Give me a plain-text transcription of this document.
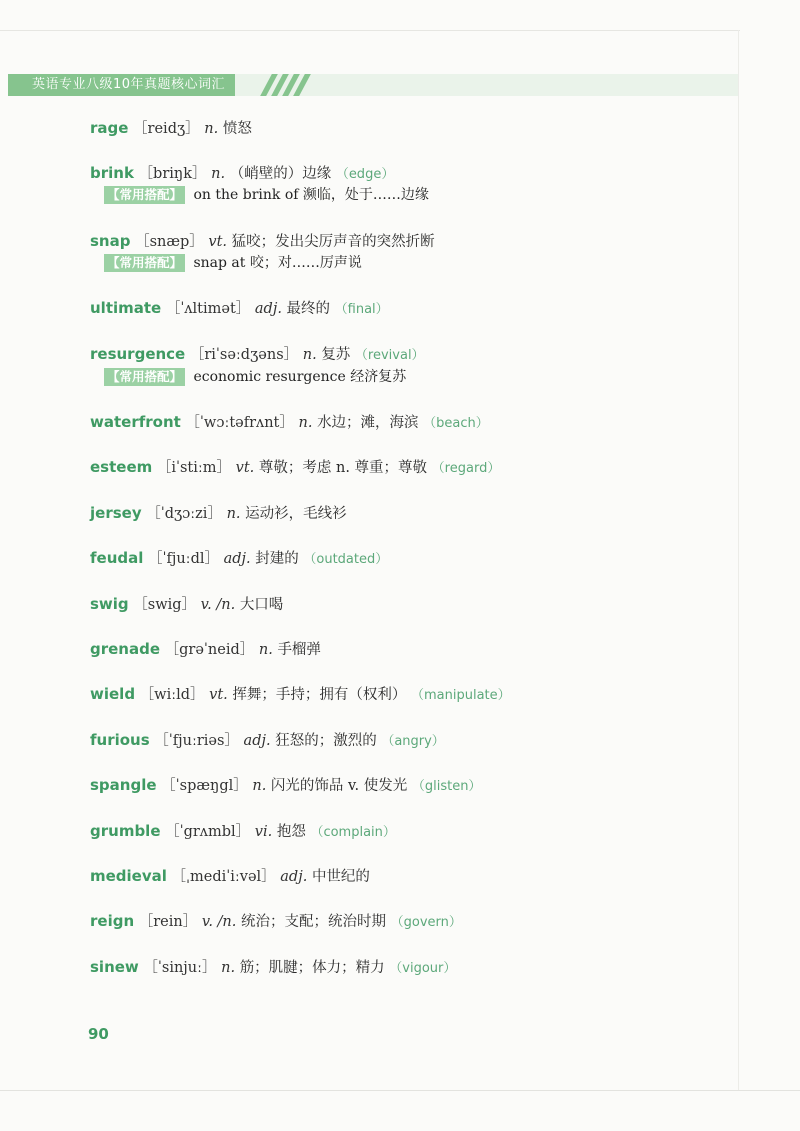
英语专业八级10年真题核心词汇
rage ［reidʒ］ n. 愤怒
brink ［briŋk］ n. （峭壁的）边缘 （edge）
【常用搭配】 on the brink of 濒临，处于……边缘
snap ［snæp］ vt. 猛咬；发出尖厉声音的突然折断
【常用搭配】 snap at 咬；对……厉声说
ultimate ［ˈʌltimət］ adj. 最终的 （final）
resurgence ［riˈsəːdʒəns］ n. 复苏 （revival）
【常用搭配】 economic resurgence 经济复苏
waterfront ［ˈwɔːtəfrʌnt］ n. 水边；滩，海滨 （beach）
esteem ［iˈstiːm］ vt. 尊敬；考虑 n. 尊重；尊敬 （regard）
jersey ［ˈdʒɔːzi］ n. 运动衫，毛线衫
feudal ［ˈfjuːdl］ adj. 封建的 （outdated）
swig ［swig］ v. /n. 大口喝
grenade ［grəˈneid］ n. 手榴弹
wield ［wiːld］ vt. 挥舞；手持；拥有（权利） （manipulate）
furious ［ˈfjuːriəs］ adj. 狂怒的；激烈的 （angry）
spangle ［ˈspæŋgl］ n. 闪光的饰品 v. 使发光 （glisten）
grumble ［ˈgrʌmbl］ vi. 抱怨 （complain）
medieval ［ˌmediˈiːvəl］ adj. 中世纪的
reign ［rein］ v. /n. 统治；支配；统治时期 （govern）
sinew ［ˈsinjuː］ n. 筋；肌腱；体力；精力 （vigour）
90
